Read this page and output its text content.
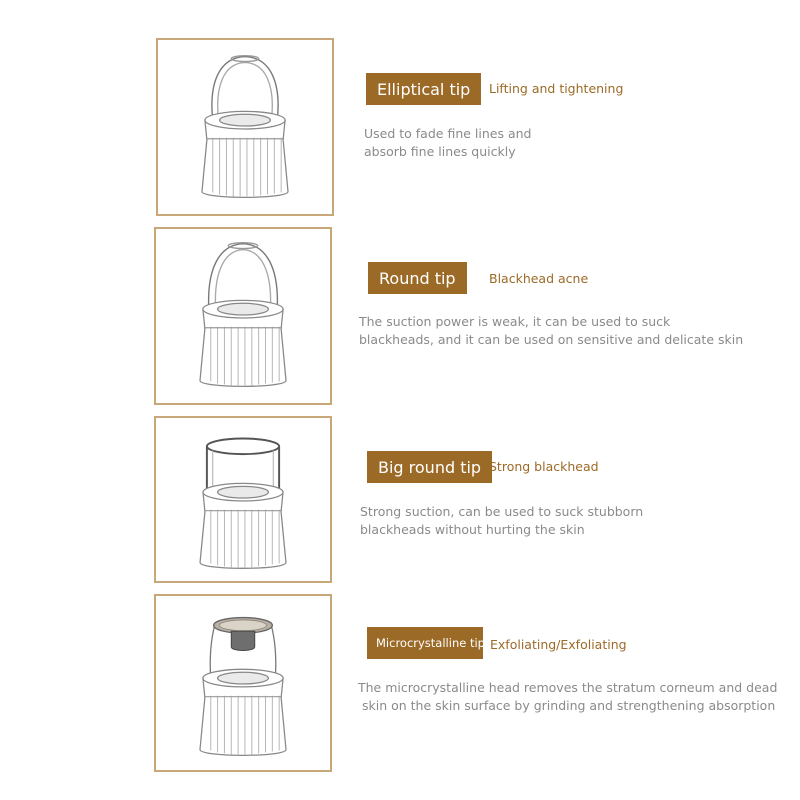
Elliptical tip	Lifting and tightening
Used to fade fine lines and
absorb fine lines quickly
Round tip	Blackhead acne
The suction power is weak, it can be used to suck
blackheads, and it can be used on sensitive and delicate skin
Big round tip Strong blackhead
Strong suction, can be used to suck stubborn
blackheads without hurting the skin
Microcrystalline tip Exfoliating/Exfoliating
The microcrystalline head removes the stratum corneum and dead
skin on the skin surface by grinding and strengthening absorption
